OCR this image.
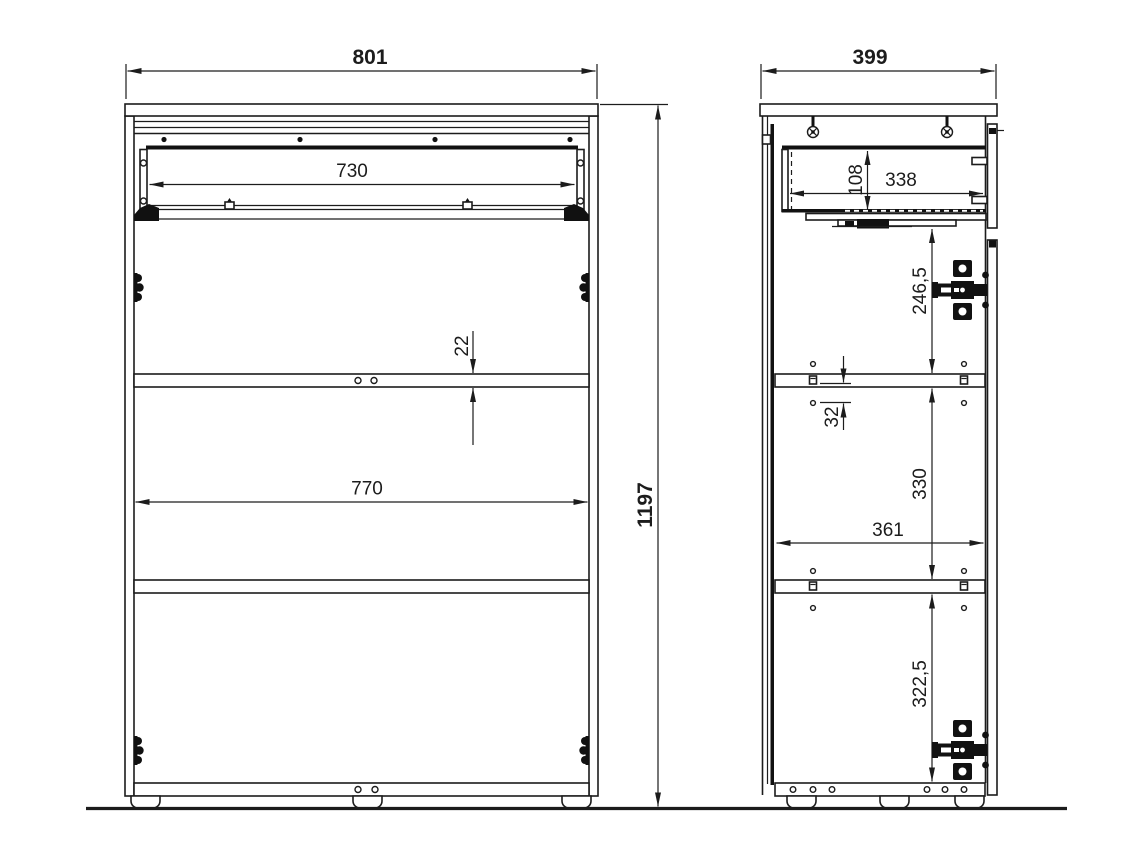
801
730
22
770	1197
399
108 338
246,5
32
330
361
322,5
